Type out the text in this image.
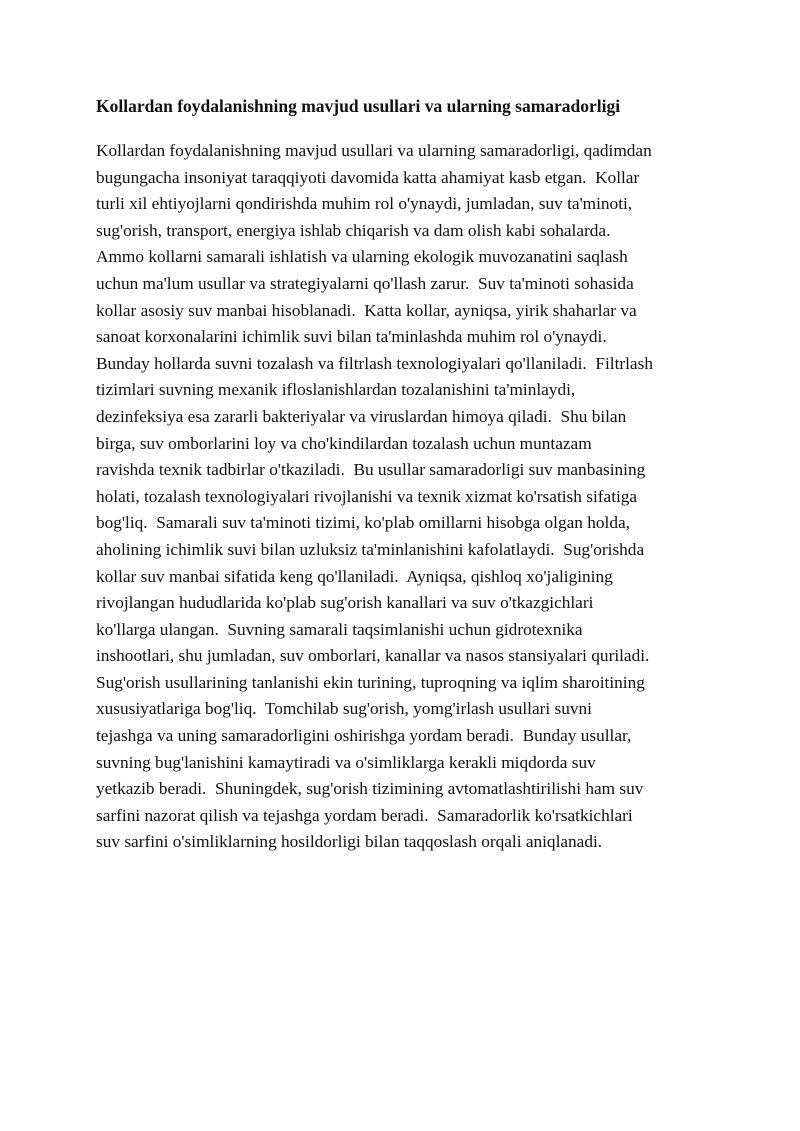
Kollardan foydalanishning mavjud usullari va ularning samaradorligi
Kollardan foydalanishning mavjud usullari va ularning samaradorligi, qadimdan
bugungacha insoniyat taraqqiyoti davomida katta ahamiyat kasb etgan.  Kollar
turli xil ehtiyojlarni qondirishda muhim rol o'ynaydi, jumladan, suv ta'minoti,
sug'orish, transport, energiya ishlab chiqarish va dam olish kabi sohalarda.
Ammo kollarni samarali ishlatish va ularning ekologik muvozanatini saqlash
uchun ma'lum usullar va strategiyalarni qo'llash zarur.  Suv ta'minoti sohasida
kollar asosiy suv manbai hisoblanadi.  Katta kollar, ayniqsa, yirik shaharlar va
sanoat korxonalarini ichimlik suvi bilan ta'minlashda muhim rol o'ynaydi.
Bunday hollarda suvni tozalash va filtrlash texnologiyalari qo'llaniladi.  Filtrlash
tizimlari suvning mexanik ifloslanishlardan tozalanishini ta'minlaydi,
dezinfeksiya esa zararli bakteriyalar va viruslardan himoya qiladi.  Shu bilan
birga, suv omborlarini loy va cho'kindilardan tozalash uchun muntazam
ravishda texnik tadbirlar o'tkaziladi.  Bu usullar samaradorligi suv manbasining
holati, tozalash texnologiyalari rivojlanishi va texnik xizmat ko'rsatish sifatiga
bog'liq.  Samarali suv ta'minoti tizimi, ko'plab omillarni hisobga olgan holda,
aholining ichimlik suvi bilan uzluksiz ta'minlanishini kafolatlaydi.  Sug'orishda
kollar suv manbai sifatida keng qo'llaniladi.  Ayniqsa, qishloq xo'jaligining
rivojlangan hududlarida ko'plab sug'orish kanallari va suv o'tkazgichlari
ko'llarga ulangan.  Suvning samarali taqsimlanishi uchun gidrotexnika
inshootlari, shu jumladan, suv omborlari, kanallar va nasos stansiyalari quriladi.
Sug'orish usullarining tanlanishi ekin turining, tuproqning va iqlim sharoitining
xususiyatlariga bog'liq.  Tomchilab sug'orish, yomg'irlash usullari suvni
tejashga va uning samaradorligini oshirishga yordam beradi.  Bunday usullar,
suvning bug'lanishini kamaytiradi va o'simliklarga kerakli miqdorda suv
yetkazib beradi.  Shuningdek, sug'orish tizimining avtomatlashtirilishi ham suv
sarfini nazorat qilish va tejashga yordam beradi.  Samaradorlik ko'rsatkichlari
suv sarfini o'simliklarning hosildorligi bilan taqqoslash orqali aniqlanadi.
